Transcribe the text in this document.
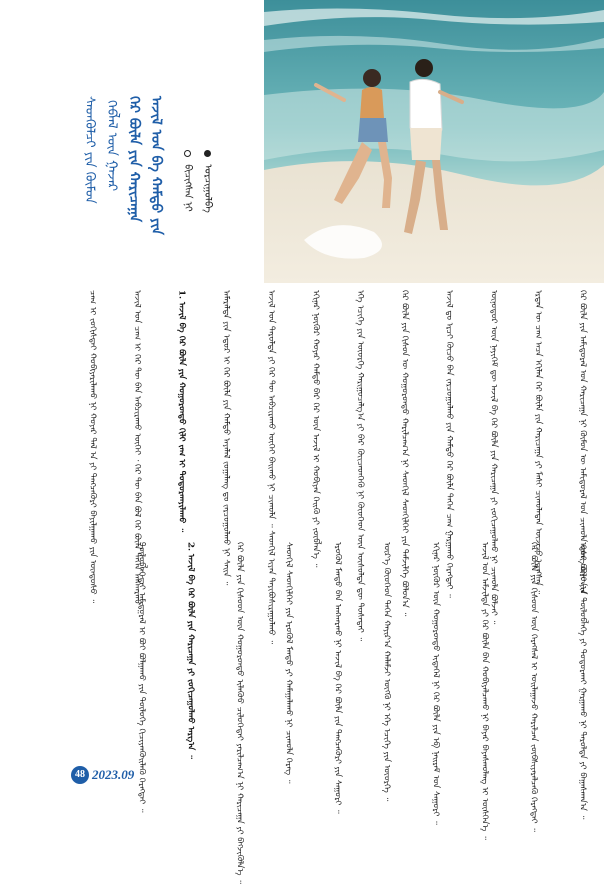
ᠰᠡᠳᠭᠦᠯᠴᠢ ᠶᠢᠨ ᠬᠥᠮᠦᠨ ᠬᠡᠪᠯᠡᠯ ᠦᠨ ᠭᠠᠵᠠᠷ ᠭᠡᠷ ᠪᠦᠯᠡ ᠶᠢᠨ ᠬᠠᠷᠢᠴᠠᠭᠠ ᠠᠵᠢᠯ ᠤᠨ ᠪᠠ ᠬᠠᠮᠲᠤ ᠶᠢᠨ	ᠪᠢᠴᠢᠭᠰᠡᠨ ᠨᠢ ᠣᠷᠴᠢᠭᠤᠯᠪᠠ
ᠭᠡᠷ ᠪᠦᠯᠡ ᠶᠢᠨ ᠠᠮᠢᠳᠤᠷᠠᠯ ᠤᠨ ᠬᠠᠷᠢᠴᠠᠭᠠ ᠨᠢ ᠬᠦᠮᠦᠨ ᠦ ᠠᠮᠢᠳᠤᠷᠠᠯ ᠤᠨ ᠴᠢᠬᠤᠯᠠ ᠬᠡᠰᠡᠭ ᠪᠣᠯᠤᠨ᠎ᠠ ᠃
ᠡᠷᠲᠡᠨ ᠦ ᠴᠠᠭ ᠠᠴᠠ ᠡᠬᠢᠯᠡᠨ ᠭᠡᠷ ᠪᠦᠯᠡ ᠶᠢᠨ ᠬᠠᠷᠢᠴᠠᠭᠠ ᠶᠢ ᠮᠠᠰᠢ ᠴᠢᠬᠤᠯᠠᠳᠠᠨ ᠦᠵᠡᠵᠦ ᠢᠷᠡᠭᠰᠡᠨ ᠃
ᠥᠨᠥᠳᠤᠷ ᠦᠨ ᠨᠡᠶᠢᠭᠡᠮ ᠳᠦ ᠠᠵᠢᠯ ᠪᠠ ᠭᠡᠷ ᠪᠦᠯᠡ ᠶᠢᠨ ᠬᠠᠷᠢᠴᠠᠭᠠ ᠶᠢ ᠵᠣᠬᠢᠴᠠᠭᠤᠯᠬᠤ ᠨᠢ ᠴᠢᠬᠤᠯᠠ ᠪᠣᠯᠵᠠᠢ ᠃
ᠠᠵᠢᠯ ᠳᠤ ᠡᠷᠴᠢ ᠬᠦᠴᠦ ᠪᠡᠨ ᠵᠠᠷᠴᠤᠭᠤᠯᠬᠤ ᠶᠢᠨ ᠬᠠᠮᠲᠤ ᠭᠡᠷ ᠪᠦᠯᠡ ᠳᠡᠭᠡᠨ ᠴᠠᠭ ᠭᠠᠷᠭᠠᠬᠤ ᠬᠡᠷᠡᠭᠲᠡᠢ ᠃
ᠭᠡᠷ ᠪᠦᠯᠡ ᠶᠢᠨ ᠭᠢᠰᠦᠨ ᠦ ᠬᠣᠭᠣᠷᠣᠨᠳᠤ ᠬᠠᠷᠢᠯᠴᠠᠭ᠎ᠠ ᠨᠢ ᠰᠡᠳᠭᠢᠯ ᠰᠡᠳᠬᠢᠯᠬᠡᠢ ᠶᠢᠨ ᠳᠡᠮᠵᠢᠯᠭᠡ ᠪᠣᠯᠤᠨ᠎ᠠ ᠃
ᠡᠬᠡ ᠡᠴᠢᠭᠡ ᠶᠢᠨ ᠦᠦᠷᠭᠡ ᠬᠠᠷᠢᠭᠤᠴᠠᠯᠭ᠎ᠠ ᠶᠢ ᠪᠠᠷ ᠭᠦᠢᠴᠡᠳᠬᠡᠬᠦ ᠨᠢ ᠬᠦᠦᠬᠡᠳ ᠦᠨ ᠥᠰᠦᠯᠲᠡ ᠳᠦ ᠲᠤᠰᠠᠲᠠᠢ ᠃
ᠡᠬᠢᠨᠡᠷ ᠨᠦᠬᠦᠷ ᠬᠣᠶᠠᠷ ᠬᠠᠮᠲᠤ ᠪᠡᠷ ᠭᠡᠷ ᠦᠨ ᠠᠵᠢᠯ ᠢ ᠬᠤᠪᠢᠶᠠᠨ ᠬᠡᠢᠬᠦ ᠶᠢ ᠵᠥᠪᠯᠡᠨ᠎ᠡ ᠃
ᠠᠵᠢᠯ ᠤᠨ ᠳᠠᠷᠤᠯᠲᠠ ᠶᠢ ᠭᠡᠷ ᠲᠦ ᠠᠪᠴᠢᠷᠠᠬᠤ ᠦᠭᠡᠢ ᠪᠠᠢᠬᠤ ᠨᠢ ᠴᠢᠬᠤᠯᠠ ᠃ ᠰᠡᠳᠭᠢᠯ ᠢᠶᠡᠨ ᠲᠠᠶᠢᠪᠤᠰᠢᠷᠠᠭᠤᠯᠬᠤ ᠃
ᠠᠮᠠᠷᠠᠯᠲᠠ ᠶᠢᠨ ᠡᠳᠦᠷ ᠢ ᠭᠡᠷ ᠪᠦᠯᠡ ᠶᠢᠨ ᠬᠠᠮᠲᠤ ᠠᠶᠠᠯᠠᠯ ᠵᠤᠭᠠᠯᠠᠩ ᠳᠤ ᠵᠠᠷᠴᠤᠭᠤᠯᠬᠤ ᠨᠢ ᠰᠠᠢᠨ ᠃
1. ᠠᠵᠢᠯ ᠪᠠ ᠭᠡᠷ ᠪᠦᠯᠡ ᠶᠢᠨ ᠬᠣᠭᠣᠷᠣᠨᠳᠤ ᠬᠢᠯᠢ ᠵᠠᠭ ᠢ ᠲᠣᠳᠣᠷᠬᠠᠶᠢᠯᠠᠬᠤ ᠃
ᠠᠵᠢᠯ ᠤᠨ ᠴᠠᠭ ᠢ ᠭᠡᠷ ᠲᠦ ᠪᠠᠨ ᠠᠪᠴᠢᠷᠠᠬᠤ ᠦᠭᠡᠢ ᠂ ᠭᠡᠷ ᠲᠦ ᠪᠠᠨ ᠪᠣᠯ ᠭᠡᠷ ᠪᠦᠯᠡ ᠳᠡᠭᠡᠨ ᠠᠩᠬᠠᠷᠬᠤ ᠃
ᠴᠠᠭ ᠢ ᠵᠣᠬᠢᠰᠲᠠᠢ ᠬᠤᠪᠢᠶᠠᠷᠢᠯᠠᠬᠤ ᠨᠢ ᠬᠣᠶᠠᠷ ᠲᠠᠯ ᠠ ᠶᠢ ᠲᠡᠩᠴᠡᠭᠦᠷᠢ ᠪᠠᠶᠢᠯᠭᠠᠬᠤ ᠶᠢᠨ ᠦᠨᠳᠦᠰᠦ ᠃
ᠡᠳᠦᠷ ᠪᠦᠷᠢ ᠶᠢᠨ ᠲᠥᠯᠦᠪᠯᠡᠭᠡ ᠶᠢ ᠲᠣᠳᠣᠷᠬᠠᠢ ᠭᠠᠷᠭᠠᠬᠤ ᠨᠢ ᠳᠠᠷᠤᠯᠲᠠ ᠶᠢ ᠪᠠᠭᠠᠰᠬᠠᠨ᠎ᠠ ᠃
ᠭᠡᠷ ᠪᠦᠯᠡ ᠶᠢᠨ ᠭᠢᠰᠦᠳ ᠦᠨ ᠬᠡᠷᠡᠭᠰᠡᠯ ᠢ ᠣᠢᠯᠠᠭᠠᠵᠤ ᠬᠠᠷᠢᠯᠴᠠᠨ ᠵᠥᠪᠰᠢᠶᠡᠷᠡᠯᠴᠡᠬᠦ ᠬᠡᠷᠡᠭᠲᠡᠢ ᠃
ᠠᠵᠢᠯ ᠤᠨ ᠠᠮᠵᠢᠯᠲᠠ ᠶᠢ ᠭᠡᠷ ᠪᠦᠯᠡ ᠪᠡᠨ ᠬᠤᠪᠢᠶᠠᠯᠴᠠᠬᠤ ᠨᠢ ᠪᠠᠶᠠᠷ ᠪᠠᠶᠠᠰᠬᠤᠯᠠᠩ ᠢ ᠥᠰᠭᠡᠨ᠎ᠡ ᠃
ᠡᠬᠢᠨᠡᠷ ᠨᠥᠬᠥᠷ ᠦᠨ ᠬᠣᠭᠣᠷᠣᠨᠳᠤ ᠢᠳᠡᠭᠡᠯ ᠨᠢ ᠭᠡᠷ ᠪᠦᠯᠡ ᠶᠢᠨ ᠡᠪ ᠨᠠᠢᠷᠠᠮ ᠤᠨ ᠰᠠᠭᠤᠷᠢ ᠃
ᠦᠷ᠎ᠡ ᠬᠦᠦᠬᠡᠳ ᠲᠡᠭᠡᠨ ᠬᠠᠶᠢᠷ᠎ᠠ ᠬᠠᠯᠠᠮᠵᠢ ᠥᠭᠬᠦ ᠨᠢ ᠡᠬᠡ ᠡᠴᠢᠭᠡ ᠶᠢᠨ ᠦᠦᠷᠭᠡ ᠃
ᠡᠷᠦᠬᠦᠯ ᠮᠡᠨᠳᠦ ᠪᠡᠨ ᠠᠩᠬᠠᠷᠬᠤ ᠨᠢ ᠠᠵᠢᠯ ᠪᠠ ᠭᠡᠷ ᠪᠦᠯᠡ ᠶᠢᠨ ᠲᠡᠩᠴᠡᠭᠦᠷᠢ ᠶᠢᠨ ᠰᠠᠭᠤᠷᠢ ᠃
ᠰᠡᠳᠭᠢᠯ ᠰᠡᠳᠬᠢᠯᠬᠡᠢ ᠶᠢᠨ ᠡᠷᠦᠬᠦᠯ ᠮᠡᠨᠳᠦ ᠶᠢ ᠬᠠᠮᠠᠭᠠᠯᠠᠬᠤ ᠨᠢ ᠴᠢᠬᠤᠯᠠ ᠬᠡᠷᠡᠭ ᠃
ᠭᠡᠷ ᠪᠦᠯᠡ ᠶᠢᠨ ᠭᠢᠰᠦᠳ ᠦᠨ ᠬᠣᠭᠣᠷᠣᠨᠳᠤ ᠢᠯᠡᠭᠦᠦ ᠴᠢᠯᠦᠭᠡᠲᠡᠢ ᠶᠠᠷᠢᠯᠴᠠᠭ᠎ᠠ ᠨᠢ ᠬᠠᠷᠢᠴᠠᠭᠠ ᠶᠢ ᠪᠡᠬᠵᠢᠭᠦᠯᠨ᠎ᠡ ᠃
2. ᠠᠵᠢᠯ ᠪᠠ ᠭᠡᠷ ᠪᠦᠯᠡ ᠶᠢᠨ ᠬᠠᠷᠢᠴᠠᠭᠠ ᠶᠢ ᠵᠣᠬᠢᠴᠠᠭᠤᠯᠬᠤ ᠠᠷᠭ᠎ᠠ ᠃
ᠲᠥᠯᠦᠪᠯᠡᠭᠡᠲᠡᠢ ᠠᠮᠢᠳᠤᠷᠠᠯ ᠢ ᠪᠤᠢ ᠪᠣᠯᠭᠠᠬᠤ ᠶᠢᠨ ᠲᠥᠯᠦᠭᠡ ᠬᠢᠴᠢᠶᠡᠨᠭᠦᠢᠯᠡᠬᠦ ᠬᠡᠷᠡᠭᠲᠡᠢ ᠃
48 2023.09
